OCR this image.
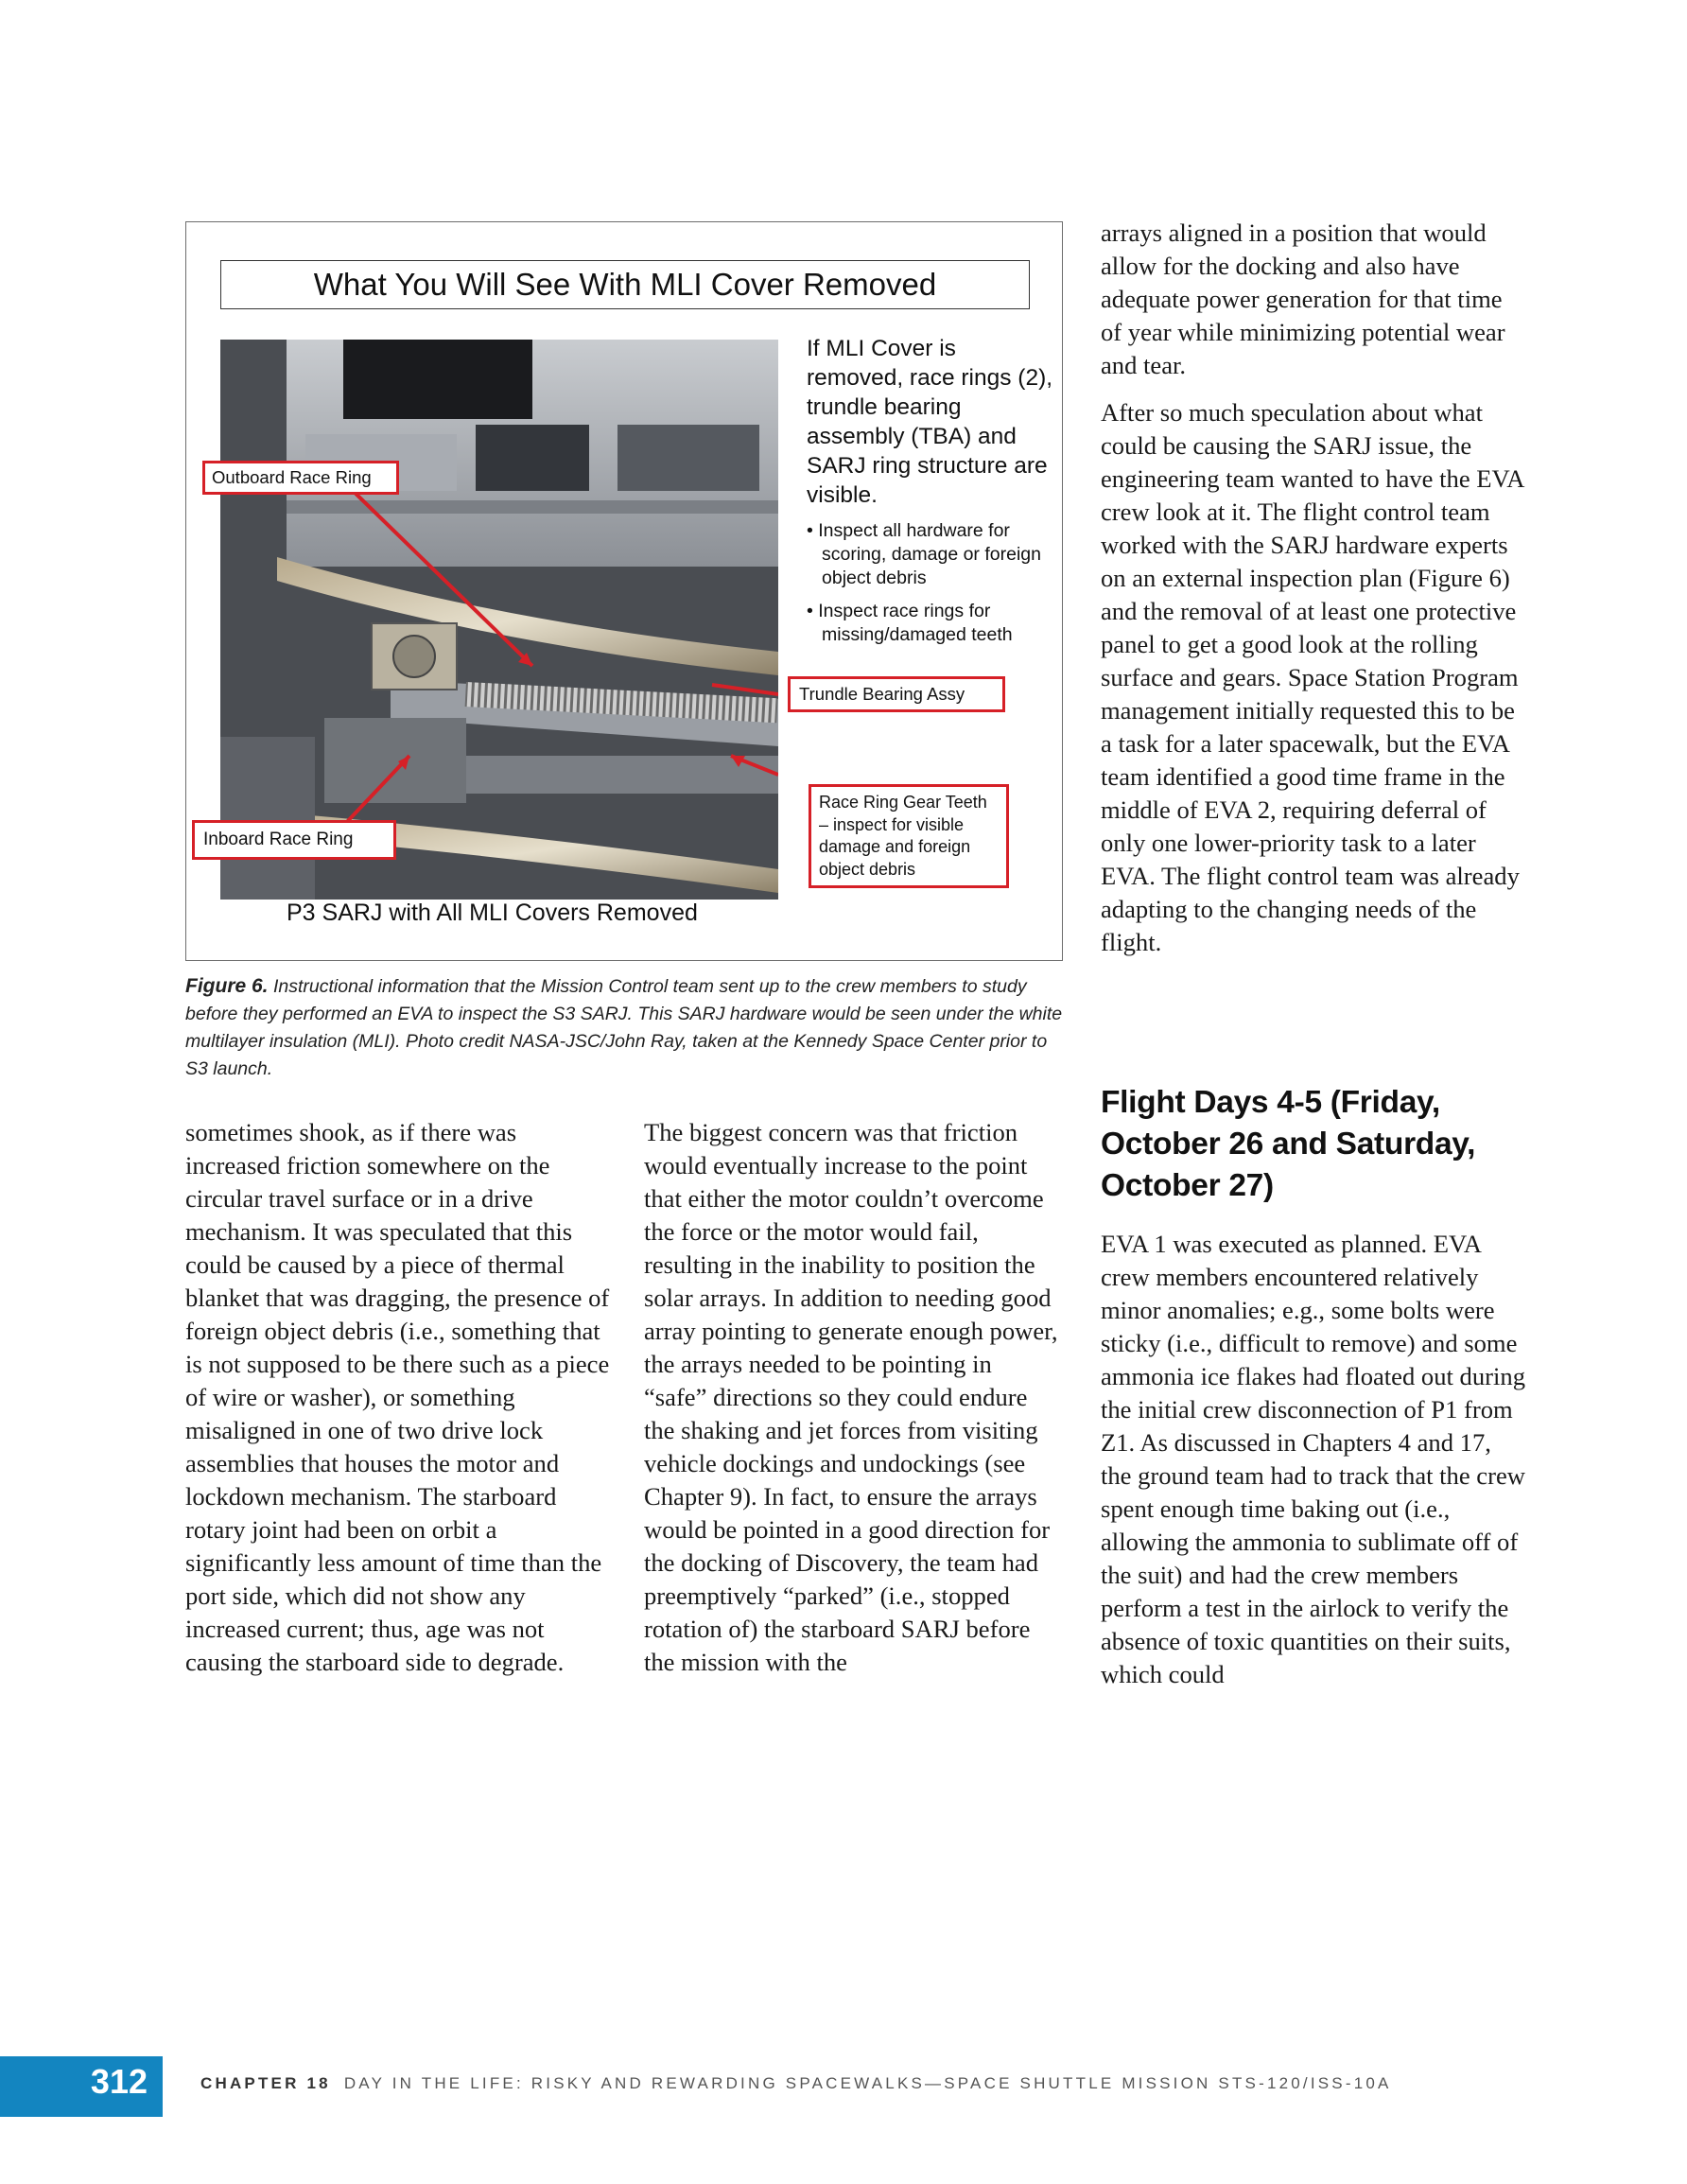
What You Will See With MLI Cover Removed
If MLI Cover is removed, race rings (2), trundle bearing assembly (TBA) and SARJ ring structure are visible.
• Inspect all hardware for scoring, damage or foreign object debris
• Inspect race rings for missing/damaged teeth
Outboard Race Ring
Trundle Bearing Assy
Race Ring Gear Teeth – inspect for visible damage and foreign object debris
Inboard Race Ring
P3 SARJ with All MLI Covers Removed
Figure 6. Instructional information that the Mission Control team sent up to the crew members to study before they performed an EVA to inspect the S3 SARJ. This SARJ hardware would be seen under the white multilayer insulation (MLI). Photo credit NASA-JSC/John Ray, taken at the Kennedy Space Center prior to S3 launch.

sometimes shook, as if there was increased friction somewhere on the circular travel surface or in a drive mechanism. It was speculated that this could be caused by a piece of thermal blanket that was dragging, the presence of foreign object debris (i.e., something that is not supposed to be there such as a piece of wire or washer), or something misaligned in one of two drive lock assemblies that houses the motor and lockdown mechanism. The starboard rotary joint had been on orbit a significantly less amount of time than the port side, which did not show any increased current; thus, age was not causing the starboard side to degrade.

The biggest concern was that friction would eventually increase to the point that either the motor couldn’t overcome the force or the motor would fail, resulting in the inability to position the solar arrays. In addition to needing good array pointing to generate enough power, the arrays needed to be pointing in “safe” directions so they could endure the shaking and jet forces from visiting vehicle dockings and undockings (see Chapter 9). In fact, to ensure the arrays would be pointed in a good direction for the docking of Discovery, the team had preemptively “parked” (i.e., stopped rotation of) the starboard SARJ before the mission with the

arrays aligned in a position that would allow for the docking and also have adequate power generation for that time of year while minimizing potential wear and tear.

After so much speculation about what could be causing the SARJ issue, the engineering team wanted to have the EVA crew look at it. The flight control team worked with the SARJ hardware experts on an external inspection plan (Figure 6) and the removal of at least one protective panel to get a good look at the rolling surface and gears. Space Station Program management initially requested this to be a task for a later spacewalk, but the EVA team identified a good time frame in the middle of EVA 2, requiring deferral of only one lower-priority task to a later EVA. The flight control team was already adapting to the changing needs of the flight.

Flight Days 4-5 (Friday, October 26 and Saturday, October 27)

EVA 1 was executed as planned. EVA crew members encountered relatively minor anomalies; e.g., some bolts were sticky (i.e., difficult to remove) and some ammonia ice flakes had floated out during the initial crew disconnection of P1 from Z1. As discussed in Chapters 4 and 17, the ground team had to track that the crew spent enough time baking out (i.e., allowing the ammonia to sublimate off of the suit) and had the crew members perform a test in the airlock to verify the absence of toxic quantities on their suits, which could

312	CHAPTER 18 DAY IN THE LIFE: RISKY AND REWARDING SPACEWALKS—SPACE SHUTTLE MISSION STS-120/ISS-10A
